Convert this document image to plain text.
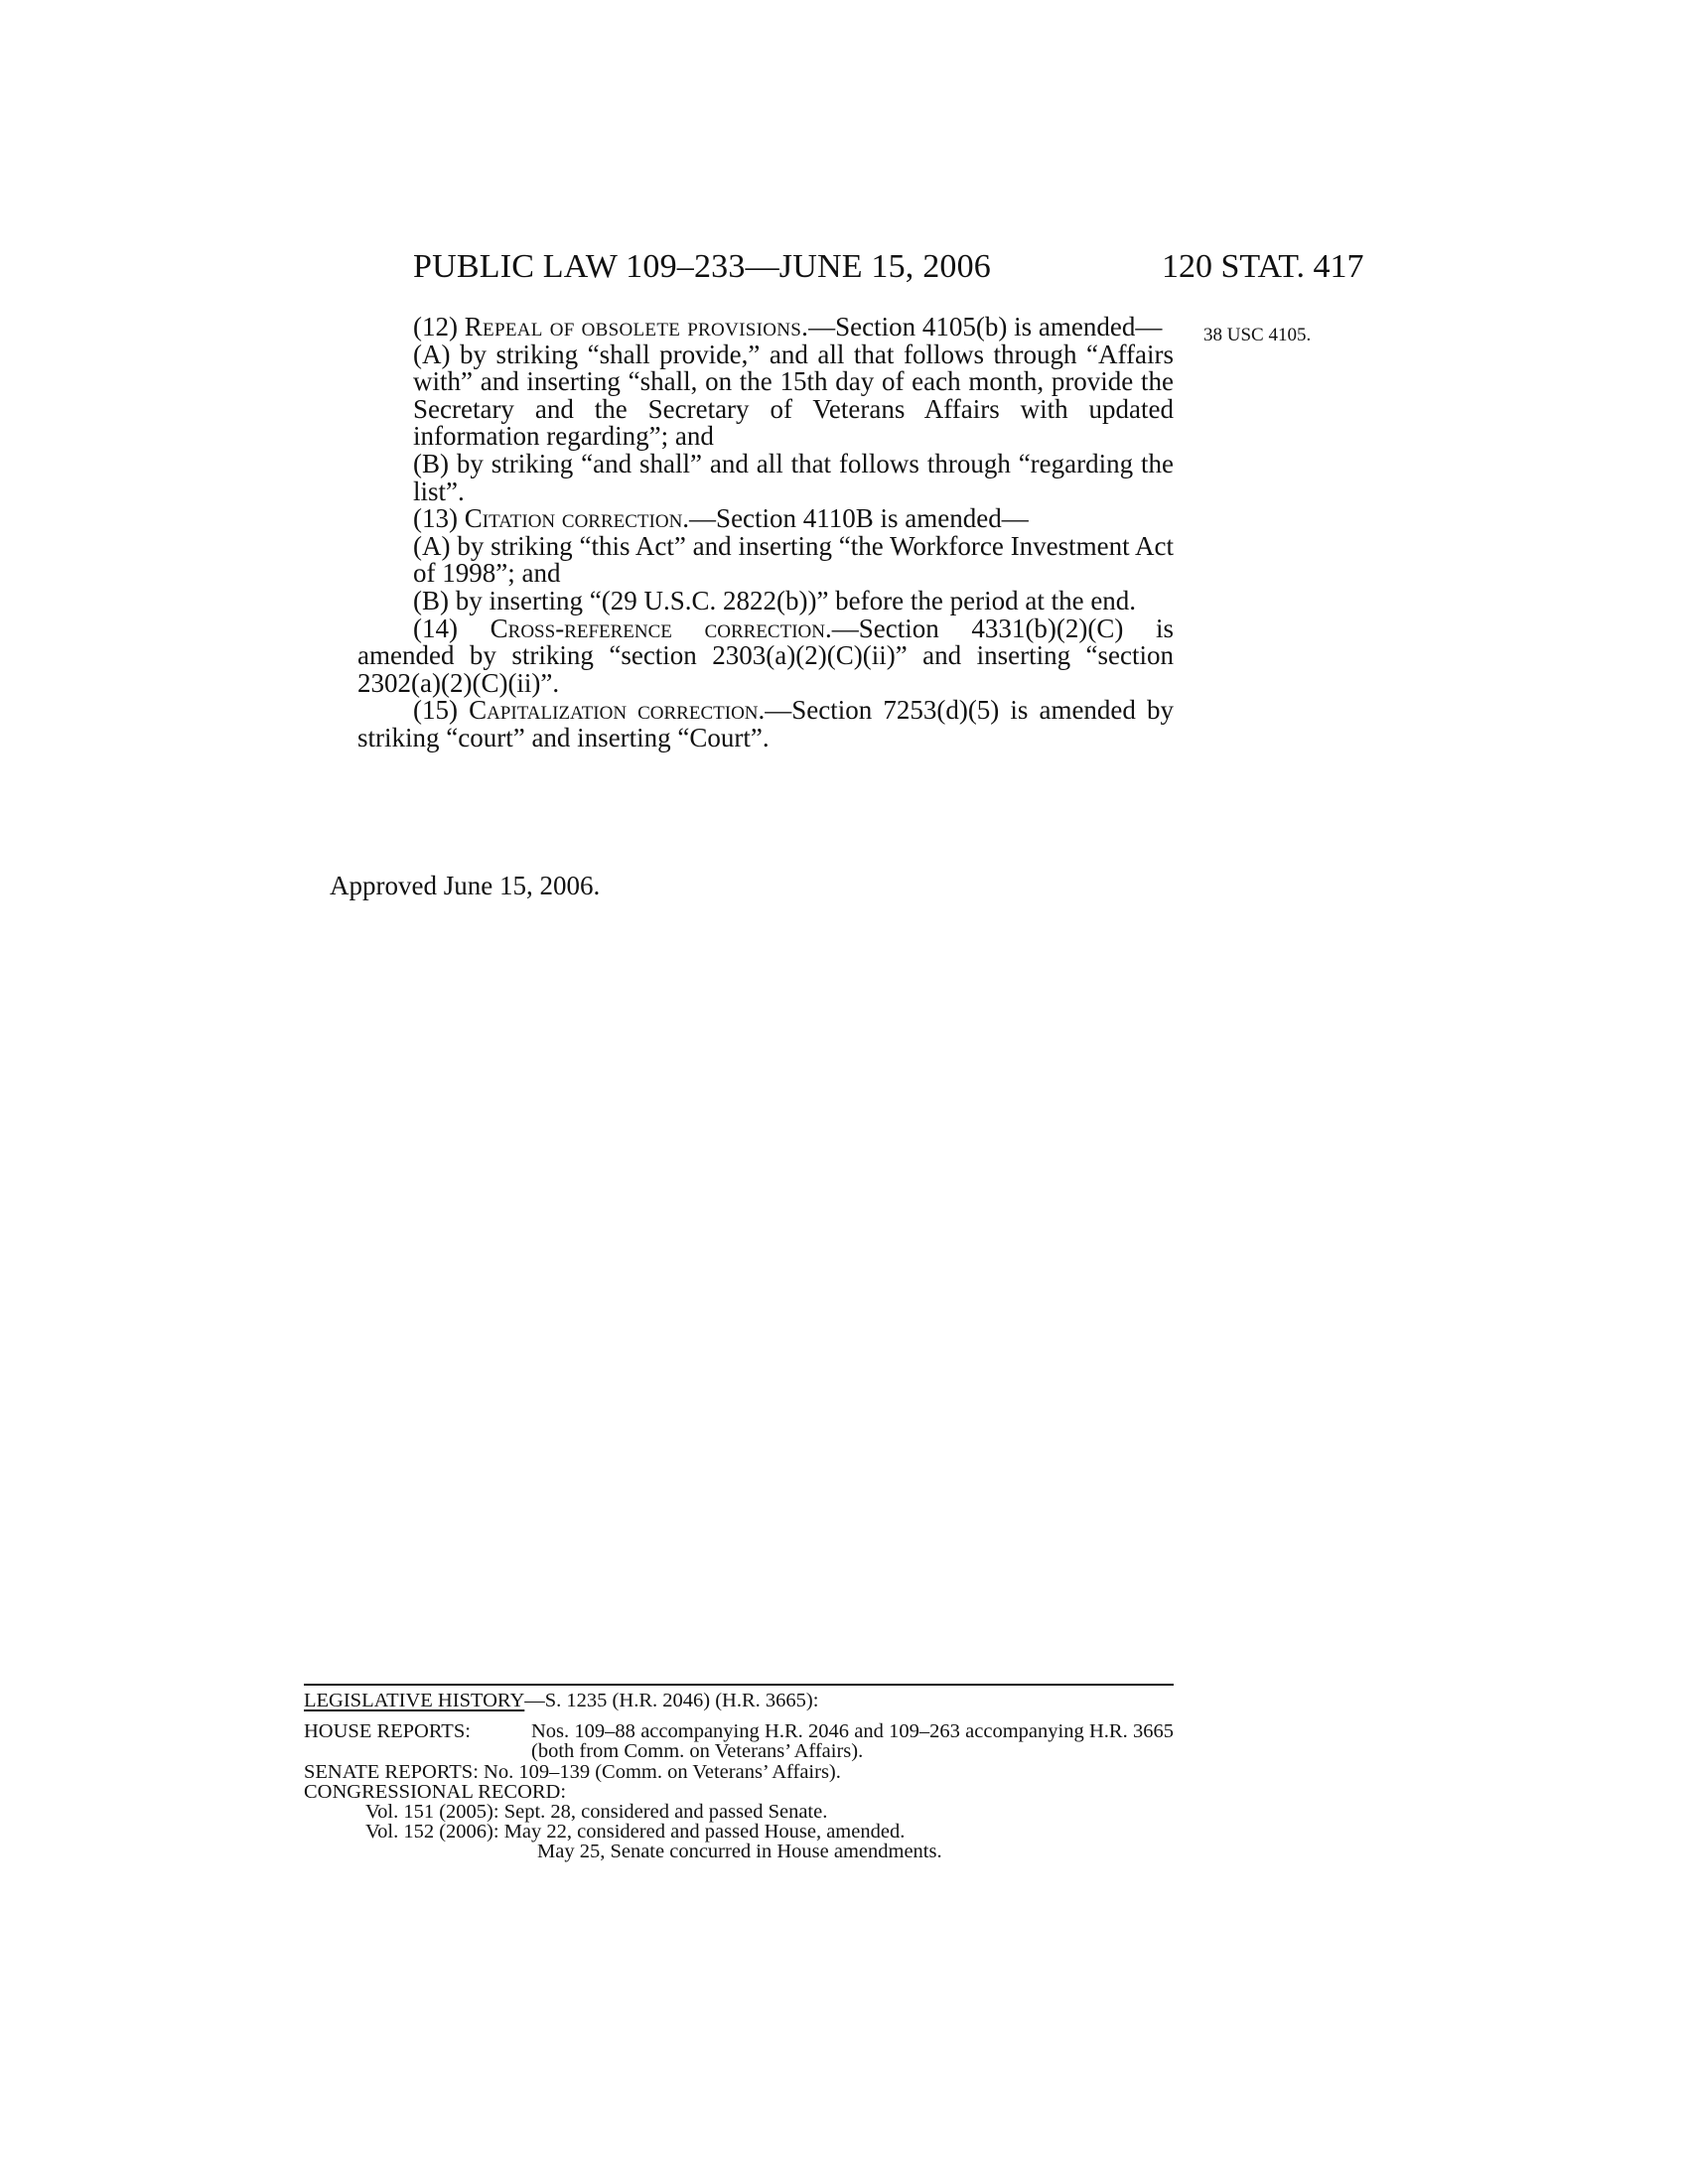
PUBLIC LAW 109–233—JUNE 15, 2006	120 STAT. 417
38 USC 4105.

(12) Repeal of obsolete provisions.—Section 4105(b) is amended—

(A) by striking “shall provide,” and all that follows through “Affairs with” and inserting “shall, on the 15th day of each month, provide the Secretary and the Secretary of Veterans Affairs with updated information regarding”; and

(B) by striking “and shall” and all that follows through “regarding the list”.

(13) Citation correction.—Section 4110B is amended—

(A) by striking “this Act” and inserting “the Workforce Investment Act of 1998”; and

(B) by inserting “(29 U.S.C. 2822(b))” before the period at the end.

(14) Cross-reference correction.—Section 4331(b)(2)(C) is amended by striking “section 2303(a)(2)(C)(ii)” and inserting “section 2302(a)(2)(C)(ii)”.

(15) Capitalization correction.—Section 7253(d)(5) is amended by striking “court” and inserting “Court”.

Approved June 15, 2006.
LEGISLATIVE HISTORY—S. 1235 (H.R. 2046) (H.R. 3665):
HOUSE REPORTS:	Nos. 109–88 accompanying H.R. 2046 and 109–263 accompanying H.R. 3665 (both from Comm. on Veterans’ Affairs).
SENATE REPORTS: No. 109–139 (Comm. on Veterans’ Affairs).
CONGRESSIONAL RECORD:
Vol. 151 (2005): Sept. 28, considered and passed Senate.
Vol. 152 (2006): May 22, considered and passed House, amended.
May 25, Senate concurred in House amendments.
